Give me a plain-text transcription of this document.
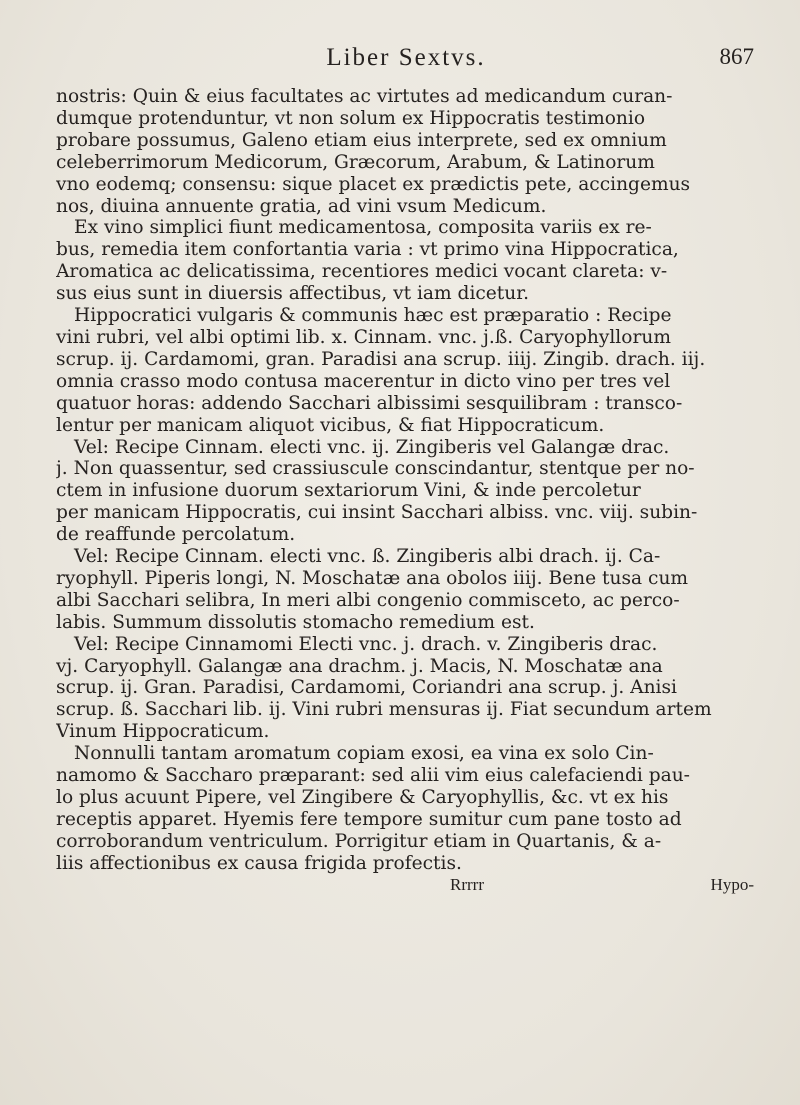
Liber Sextvs.	867

nostris: Quin & eius facultates ac virtutes ad medicandum curan-
dumque protenduntur, vt non solum ex Hippocratis testimonio
probare possumus, Galeno etiam eius interprete, sed ex omnium
celeberrimorum Medicorum, Græcorum, Arabum, & Latinorum
vno eodemq; consensu: sique placet ex prædictis pete, accingemus
nos, diuina annuente gratia, ad vini vsum Medicum.

Ex vino simplici fiunt medicamentosa, composita variis ex re-
bus, remedia item confortantia varia : vt primo vina Hippocratica,
Aromatica ac delicatissima, recentiores medici vocant clareta: v-
sus eius sunt in diuersis affectibus, vt iam dicetur.

Hippocratici vulgaris & communis hæc est præparatio : Recipe
vini rubri, vel albi optimi lib. x. Cinnam. vnc. j.ß. Caryophyllorum
scrup. ij. Cardamomi, gran. Paradisi ana scrup. iiij. Zingib. drach. iij.
omnia crasso modo contusa macerentur in dicto vino per tres vel
quatuor horas: addendo Sacchari albissimi sesquilibram : transco-
lentur per manicam aliquot vicibus, & fiat Hippocraticum.

Vel: Recipe Cinnam. electi vnc. ij. Zingiberis vel Galangæ drac.
j. Non quassentur, sed crassiuscule conscindantur, stentque per no-
ctem in infusione duorum sextariorum Vini, & inde percoletur
per manicam Hippocratis, cui insint Sacchari albiss. vnc. viij. subin-
de reaffunde percolatum.

Vel: Recipe Cinnam. electi vnc. ß. Zingiberis albi drach. ij. Ca-
ryophyll. Piperis longi, N. Moschatæ ana obolos iiij. Bene tusa cum
albi Sacchari selibra, In meri albi congenio commisceto, ac perco-
labis. Summum dissolutis stomacho remedium est.

Vel: Recipe Cinnamomi Electi vnc. j. drach. v. Zingiberis drac.
vj. Caryophyll. Galangæ ana drachm. j. Macis, N. Moschatæ ana
scrup. ij. Gran. Paradisi, Cardamomi, Coriandri ana scrup. j. Anisi
scrup. ß. Sacchari lib. ij. Vini rubri mensuras ij. Fiat secundum artem
Vinum Hippocraticum.

Nonnulli tantam aromatum copiam exosi, ea vina ex solo Cin-
namomo & Saccharo præparant: sed alii vim eius calefaciendi pau-
lo plus acuunt Pipere, vel Zingibere & Caryophyllis, &c. vt ex his
receptis apparet. Hyemis fere tempore sumitur cum pane tosto ad
corroborandum ventriculum. Porrigitur etiam in Quartanis, & a-
liis affectionibus ex causa frigida profectis.

Rrrrr	Hypo-
